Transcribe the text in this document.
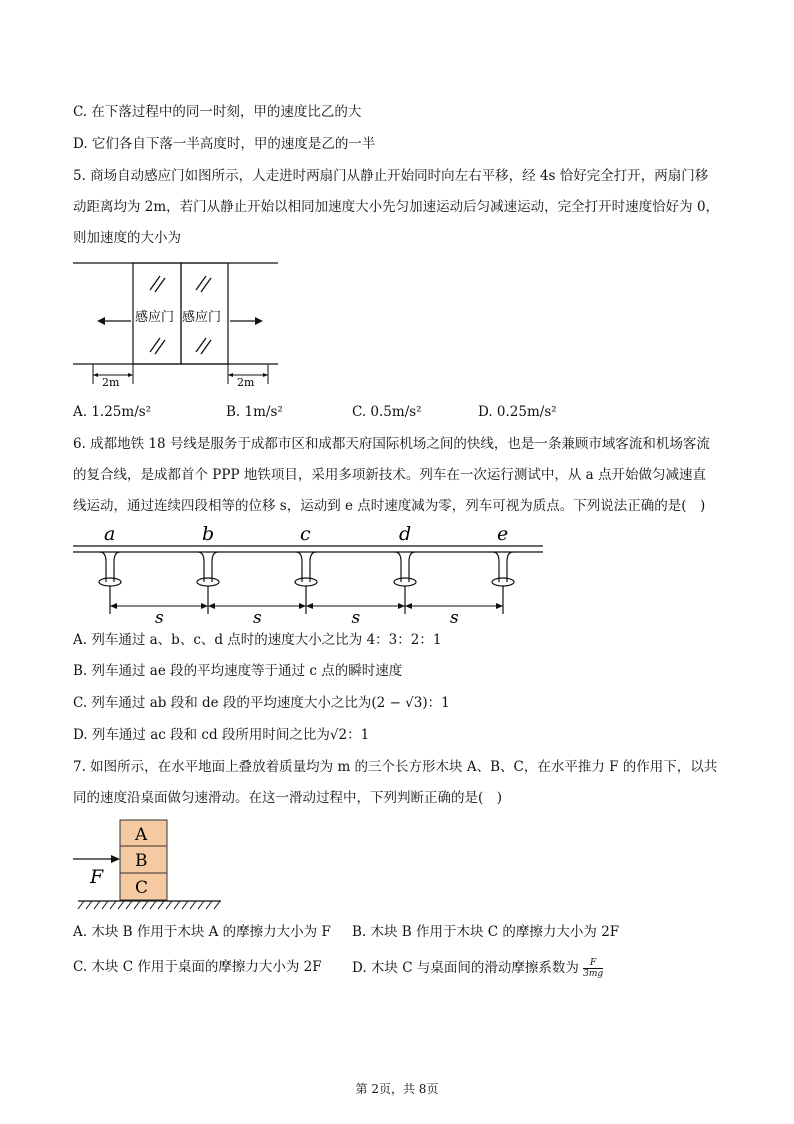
C. 在下落过程中的同一时刻，甲的速度比乙的大
D. 它们各自下落一半高度时，甲的速度是乙的一半
5. 商场自动感应门如图所示，人走进时两扇门从静止开始同时向左右平移，经 4s 恰好完全打开，两扇门移
动距离均为 2m，若门从静止开始以相同加速度大小先匀加速运动后匀减速运动，完全打开时速度恰好为 0，
则加速度的大小为
感应门 感应门
2m	2m
A. 1.25m/s²	B. 1m/s²	C. 0.5m/s²	D. 0.25m/s²
6. 成都地铁 18 号线是服务于成都市区和成都天府国际机场之间的快线，也是一条兼顾市域客流和机场客流
的复合线，是成都首个 PPP 地铁项目，采用多项新技术。列车在一次运行测试中，从 a 点开始做匀减速直
线运动，通过连续四段相等的位移 s，运动到 e 点时速度减为零，列车可视为质点。下列说法正确的是(　)
a	b	c	d	e
s	s	s	s
A. 列车通过 a、b、c、d 点时的速度大小之比为 4：3：2：1
B. 列车通过 ae 段的平均速度等于通过 c 点的瞬时速度
C. 列车通过 ab 段和 de 段的平均速度大小之比为(2 − √3)：1
D. 列车通过 ac 段和 cd 段所用时间之比为√2：1
7. 如图所示，在水平地面上叠放着质量均为 m 的三个长方形木块 A、B、C，在水平推力 F 的作用下，以共
同的速度沿桌面做匀速滑动。在这一滑动过程中，下列判断正确的是(　)
A
B
C
F
A. 木块 B 作用于木块 A 的摩擦力大小为 F B. 木块 B 作用于木块 C 的摩擦力大小为 2F
C. 木块 C 作用于桌面的摩擦力大小为 2F D. 木块 C 与桌面间的滑动摩擦系数为 $\frac{F}{3mg}$
第 2页，共 8页
